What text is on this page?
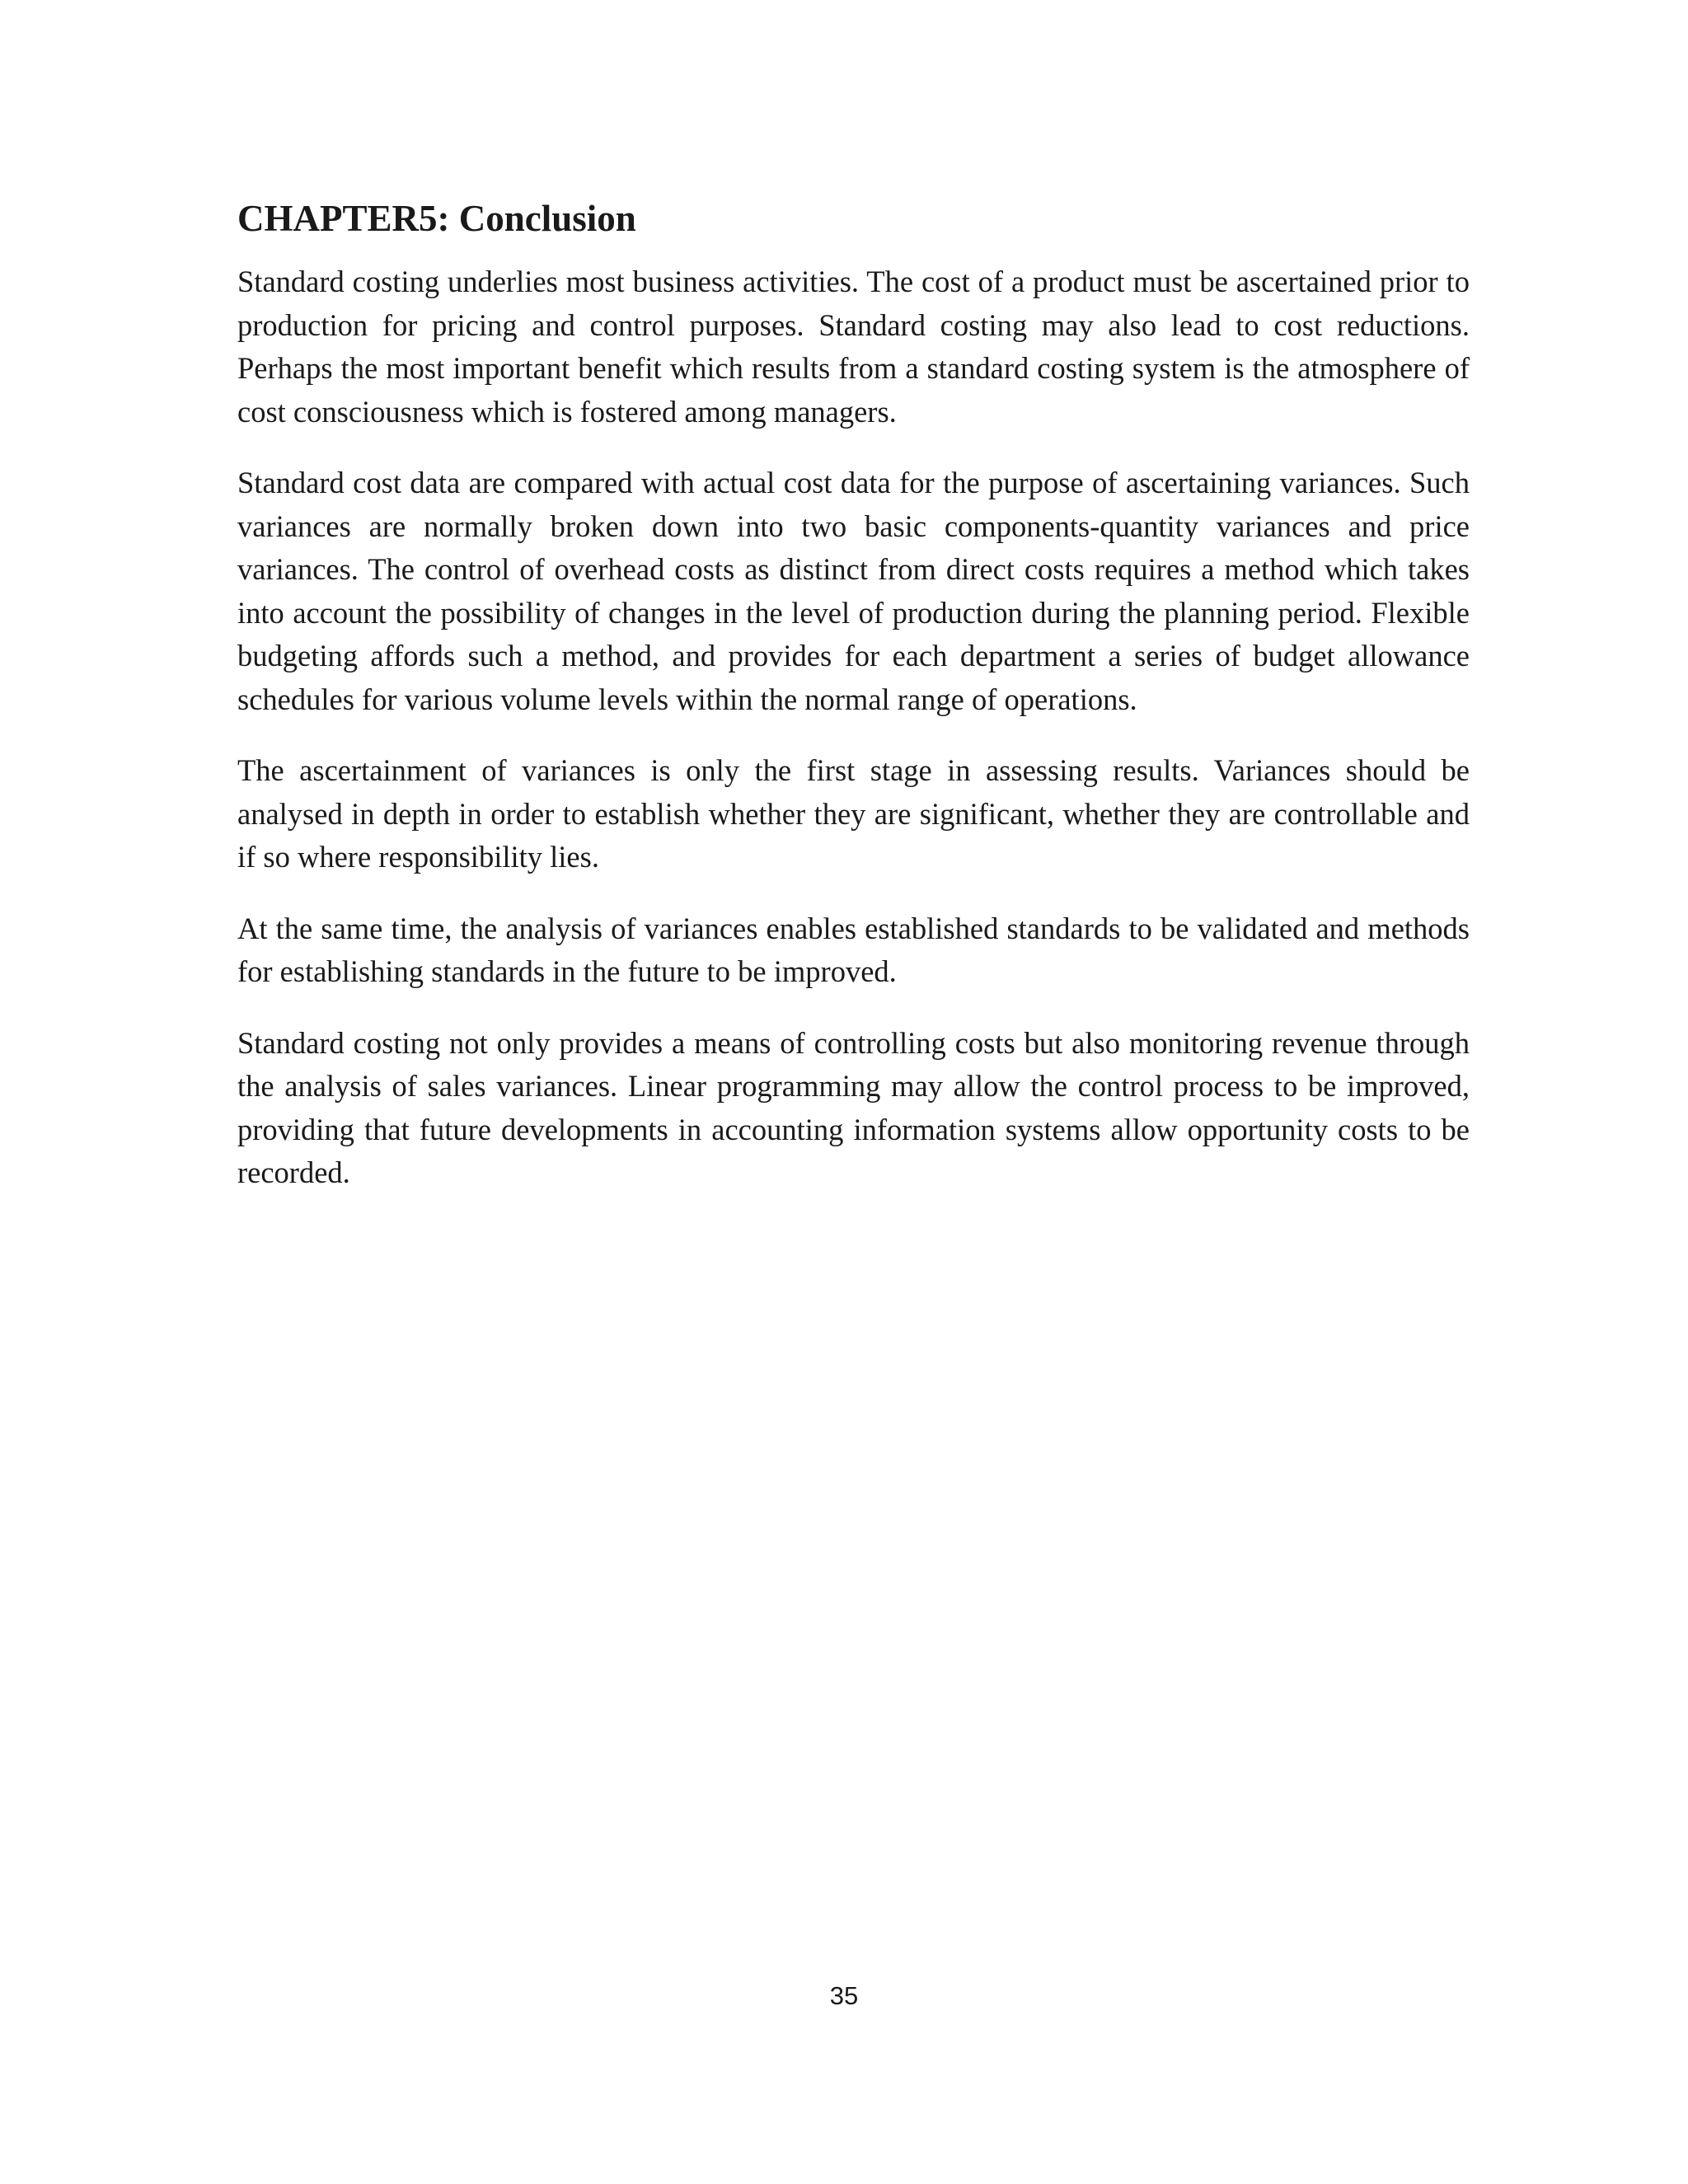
CHAPTER5: Conclusion

Standard costing underlies most business activities. The cost of a product must be ascertained prior to production for pricing and control purposes. Standard costing may also lead to cost reductions. Perhaps the most important benefit which results from a standard costing system is the atmosphere of cost consciousness which is fostered among managers.

Standard cost data are compared with actual cost data for the purpose of ascertaining variances. Such variances are normally broken down into two basic components-quantity variances and price variances. The control of overhead costs as distinct from direct costs requires a method which takes into account the possibility of changes in the level of production during the planning period. Flexible budgeting affords such a method, and provides for each department a series of budget allowance schedules for various volume levels within the normal range of operations.

The ascertainment of variances is only the first stage in assessing results. Variances should be analysed in depth in order to establish whether they are significant, whether they are controllable and if so where responsibility lies.

At the same time, the analysis of variances enables established standards to be validated and methods for establishing standards in the future to be improved.

Standard costing not only provides a means of controlling costs but also monitoring revenue through the analysis of sales variances. Linear programming may allow the control process to be improved, providing that future developments in accounting information systems allow opportunity costs to be recorded.

35
